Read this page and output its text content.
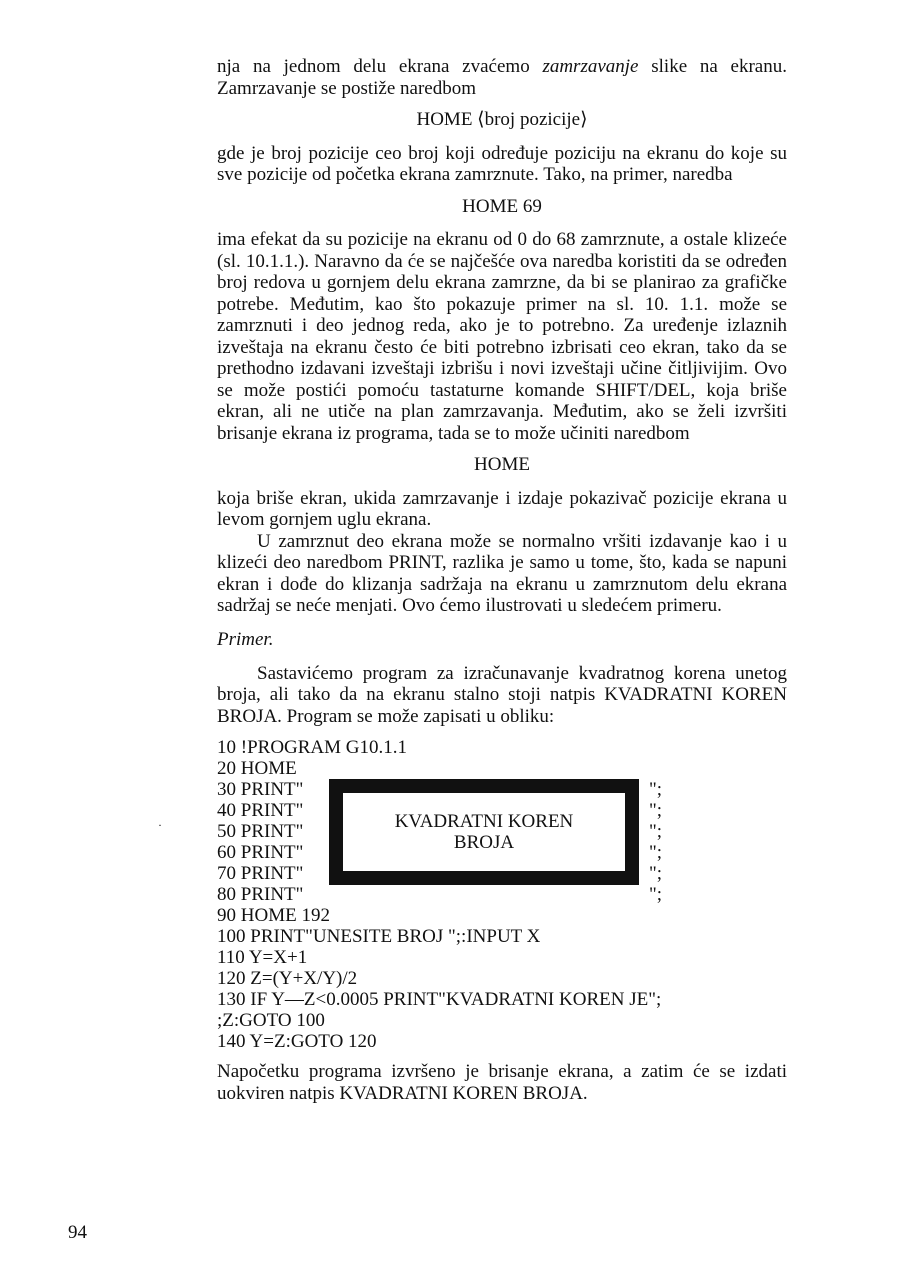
nja na jednom delu ekrana zvaćemo zamrzavanje slike na ekranu. Zamrzavanje se postiže naredbom

HOME ⟨broj pozicije⟩

gde je broj pozicije ceo broj koji određuje poziciju na ekranu do koje su sve pozicije od početka ekrana zamrznute. Tako, na primer, naredba

HOME 69

ima efekat da su pozicije na ekranu od 0 do 68 zamrznute, a ostale klizeće (sl. 10.1.1.). Naravno da će se najčešće ova naredba koristiti da se određen broj redova u gornjem delu ekrana zamrzne, da bi se planirao za grafičke potrebe. Međutim, kao što pokazuje primer na sl. 10. 1.1. može se zamrznuti i deo jednog reda, ako je to potrebno. Za uređenje izlaznih izveštaja na ekranu često će biti potrebno izbrisati ceo ekran, tako da se prethodno izdavani izveštaji izbrišu i novi izveštaji učine čitljivijim. Ovo se može postići pomoću tastaturne komande SHIFT/DEL, koja briše ekran, ali ne utiče na plan zamrzavanja. Međutim, ako se želi izvršiti brisanje ekrana iz programa, tada se to može učiniti naredbom

HOME

koja briše ekran, ukida zamrzavanje i izdaje pokazivač pozicije ekrana u levom gornjem uglu ekrana.

U zamrznut deo ekrana može se normalno vršiti izdavanje kao i u klizeći deo naredbom PRINT, razlika je samo u tome, što, kada se napuni ekran i dođe do klizanja sadržaja na ekranu u zamrznutom delu ekrana sadržaj se neće menjati. Ovo ćemo ilustrovati u sledećem primeru.

Primer.

Sastavićemo program za izračunavanje kvadratnog korena unetog broja, ali tako da na ekranu stalno stoji natpis KVADRATNI KOREN BROJA. Program se može zapisati u obliku:

10 !PROGRAM G10.1.1
20 HOME
30 PRINT"
40 PRINT"
50 PRINT"
60 PRINT"
70 PRINT"
80 PRINT"
90 HOME 192
100 PRINT"UNESITE BROJ ";:INPUT X
110 Y=X+1
120 Z=(Y+X/Y)/2
130 IF Y—Z<0.0005 PRINT"KVADRATNI KOREN JE";
;Z:GOTO 100
140 Y=Z:GOTO 120
KVADRATNI KOREN
BROJA
";
";
";
";
";
";

Napočetku programa izvršeno je brisanje ekrana, a zatim će se izdati uokviren natpis KVADRATNI KOREN BROJA.

·
94
